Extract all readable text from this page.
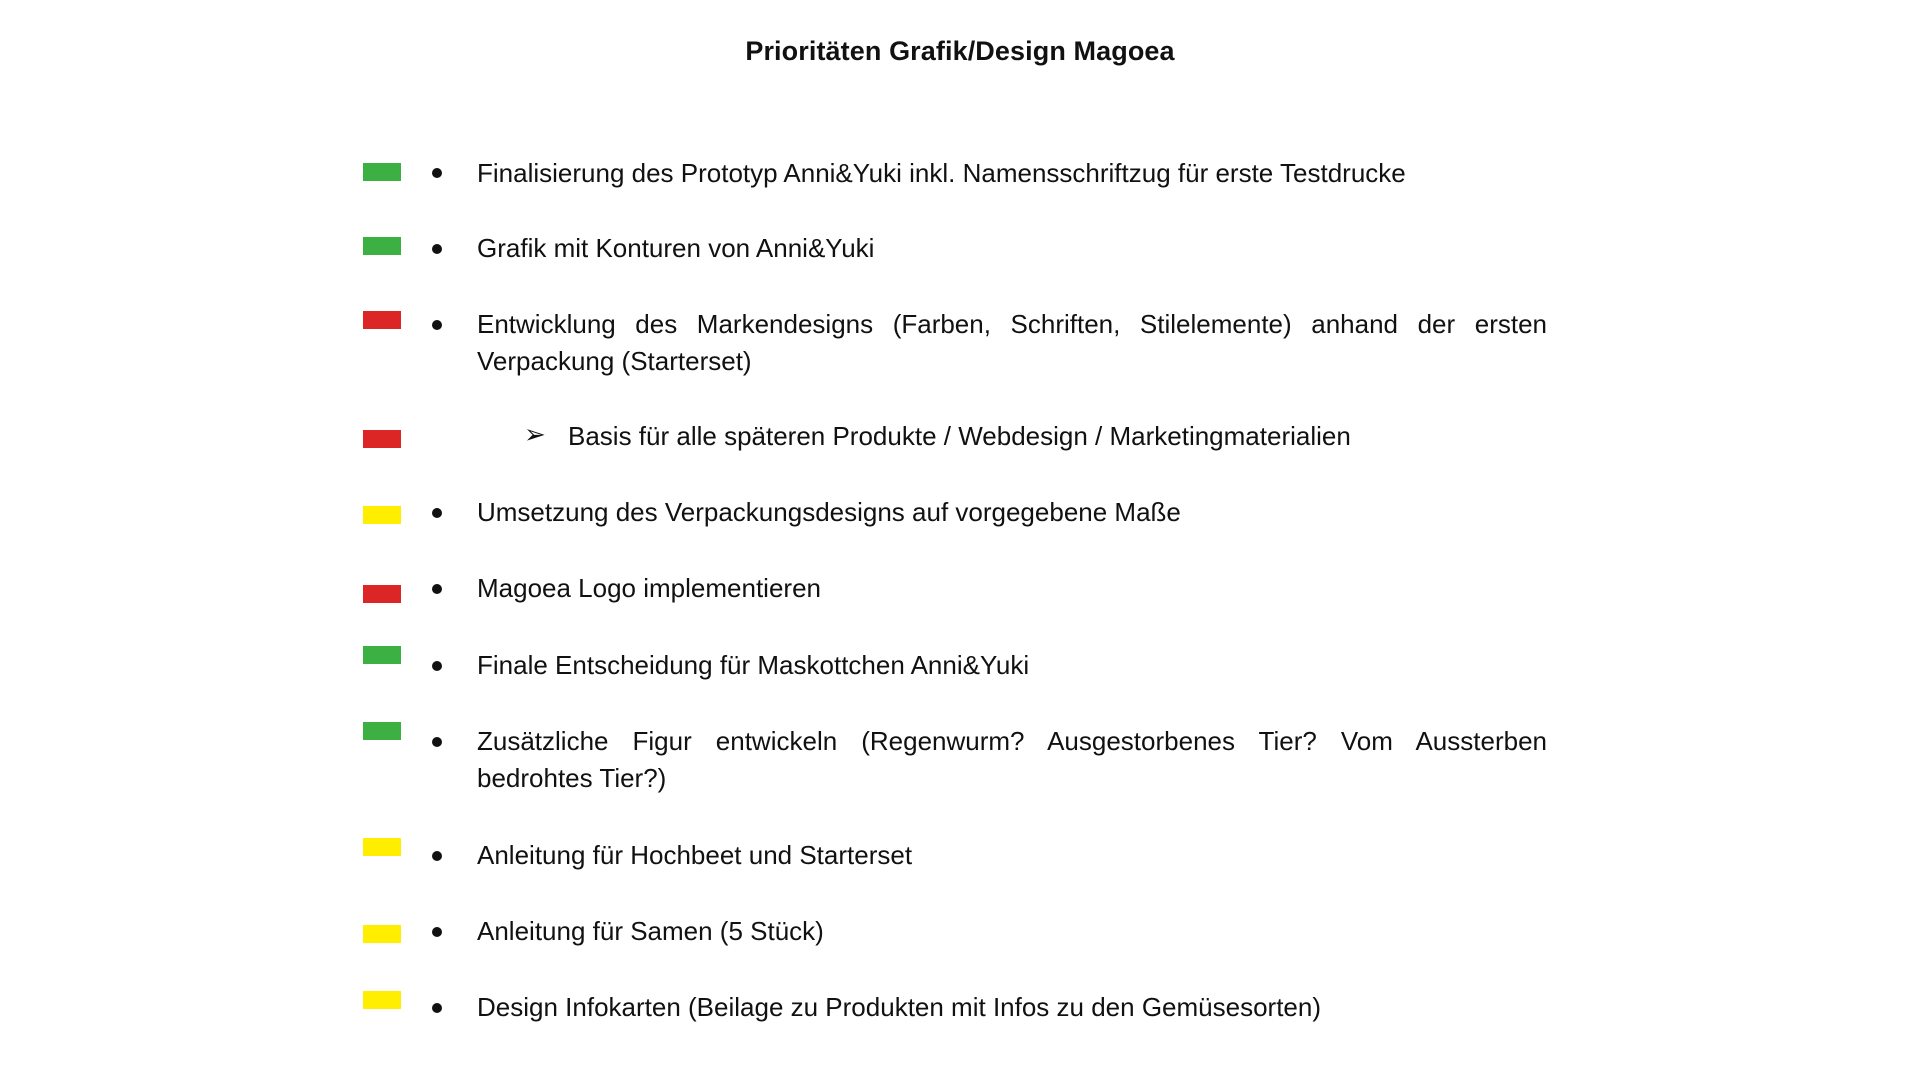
Prioritäten Grafik/Design Magoea
Finalisierung des Prototyp Anni&Yuki inkl. Namensschriftzug für erste Testdrucke
Grafik mit Konturen von Anni&Yuki
Entwicklung des Markendesigns (Farben, Schriften, Stilelemente) anhand der ersten Verpackung (Starterset)
➢ Basis für alle späteren Produkte / Webdesign / Marketingmaterialien
Umsetzung des Verpackungsdesigns auf vorgegebene Maße
Magoea Logo implementieren
Finale Entscheidung für Maskottchen Anni&Yuki
Zusätzliche Figur entwickeln (Regenwurm? Ausgestorbenes Tier? Vom Aussterben bedrohtes Tier?)
Anleitung für Hochbeet und Starterset
Anleitung für Samen (5 Stück)
Design Infokarten (Beilage zu Produkten mit Infos zu den Gemüsesorten)
